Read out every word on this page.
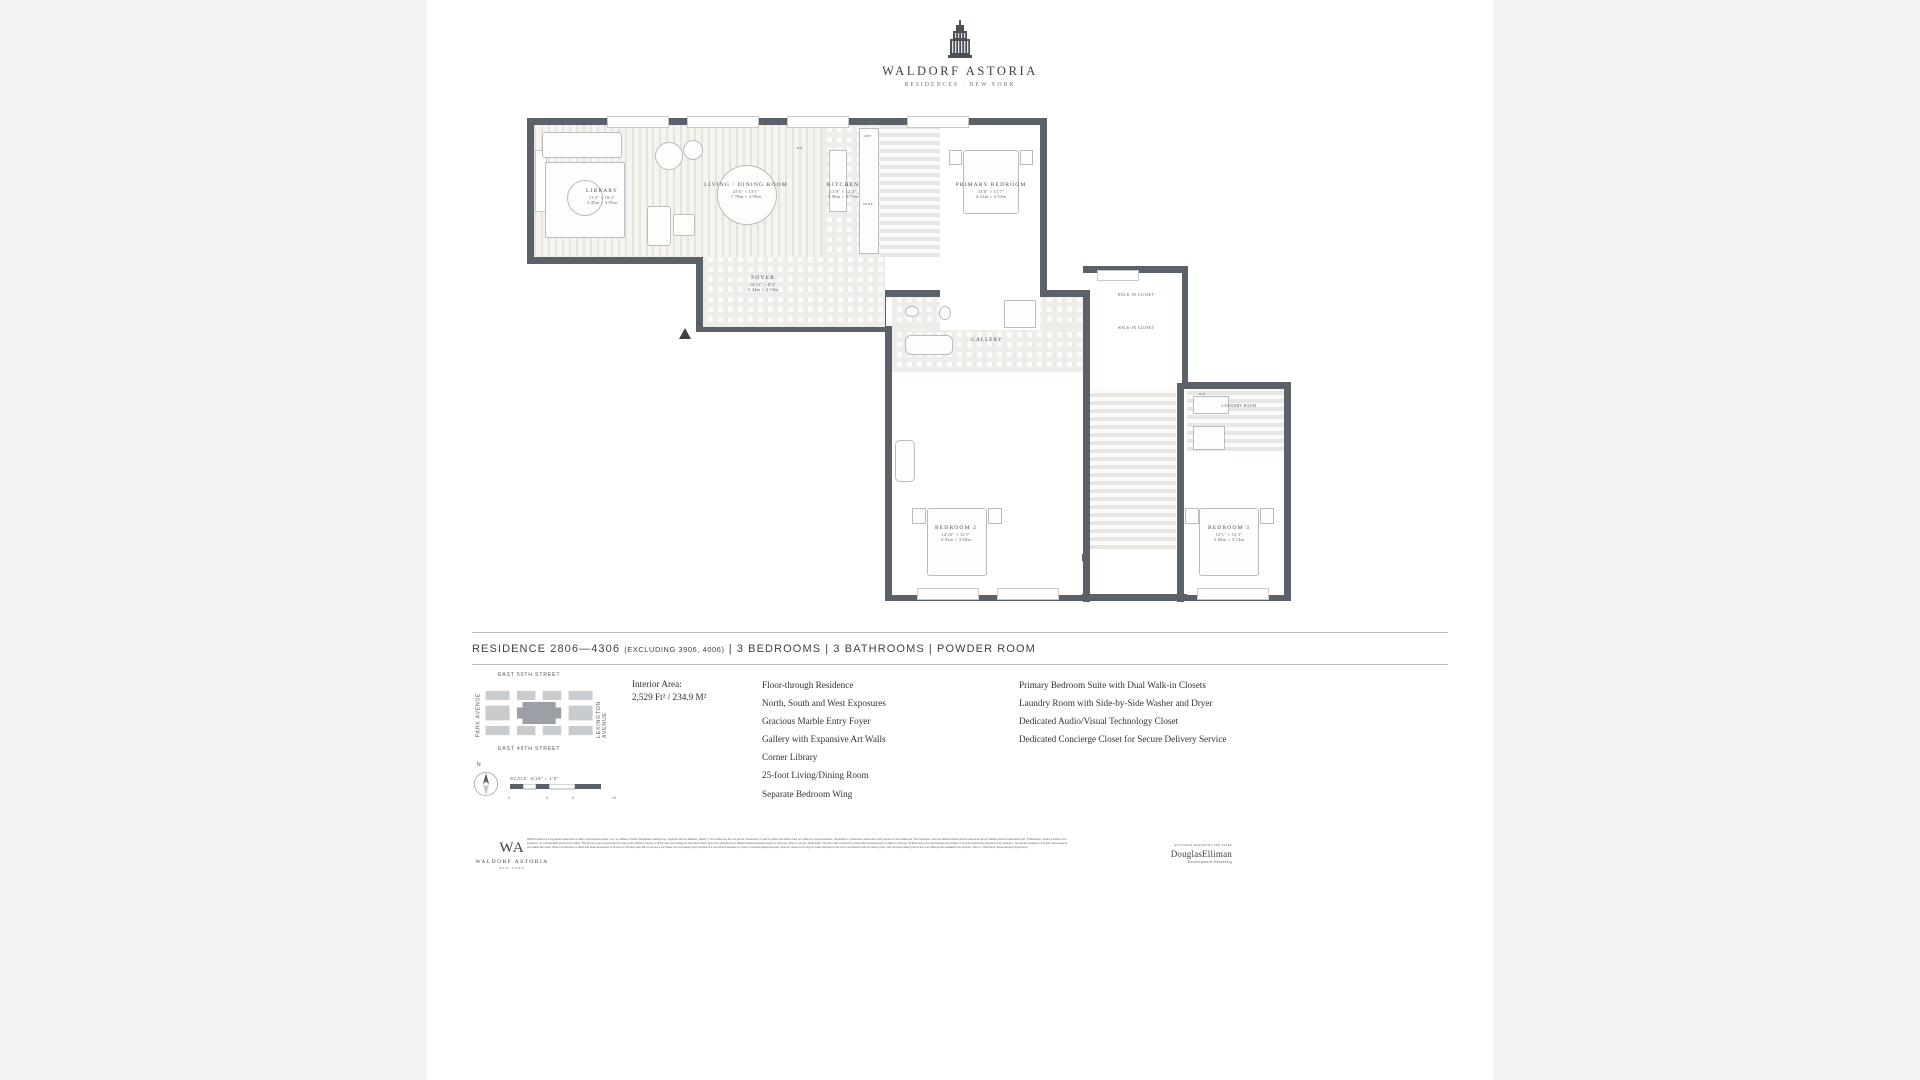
WALDORF ASTORIA
RESIDENCES · NEW YORK
LIBRARY
11'4" × 16'3"
3.45m × 3.95m
LIVING / DINING ROOM
25'6" × 13'1"
7.78m × 3.99m
KITCHEN
13'0" × 12'2"
3.96m × 3.71m
PRIMARY BEDROOM
14'6" × 11'7"
4.41m × 3.53m
FOYER
10'11" × 8'4"
3.34m × 2.53m
BEDROOM 2
12'10" × 12'1"
3.92m × 3.69m
BEDROOM 3
12'1" × 12'3"
3.68m × 3.74m
GALLERY
WALK-IN CLOSET
WALK-IN CLOSET
LAUNDRY ROOM
W/D
REF
DW
WINE
RESIDENCE 2806—4306 (EXCLUDING 3906, 4006) | 3 BEDROOMS | 3 BATHROOMS | POWDER ROOM
EAST 50TH STREET
EAST 49TH STREET
PARK AVENUE	LEXINGTON AVENUE
N
SCALE: 3/16" = 1'0"
0	4	8	16
Interior Area:
2,529 Ft² / 234.9 M²
Floor-through Residence
North, South and West Exposures
Gracious Marble Entry Foyer
Gallery with Expansive Art Walls
Corner Library
25-foot Living/Dining Room
Separate Bedroom Wing
Primary Bedroom Suite with Dual Walk-in Closets
Laundry Room with Side-by-Side Washer and Dryer
Dedicated Audio/Visual Technology Closet
Dedicated Concierge Closet for Secure Delivery Service
WA
WALDORF ASTORIA
NEW YORK
Waldorf Astoria is a registered trademark of Hilton International Hotels, LLC, an affiliate of Hilton Worldwide Holdings Inc. (together with its affiliates, "Hilton"). The residences are not owned, developed, or sold by Hilton and Hilton does not make any representations, warranties or guarantees whatsoever with respect to the residences. The developer uses the Waldorf Astoria brand name and certain Waldorf Astoria trademarks (the "Trademarks") under a limited, non-exclusive, non-transferable license from Hilton. This license may be terminated or may expire without renewal, in which case the residences described herein will not be identified as a Waldorf Astoria branded project or have any rights to use the Trademarks. The floor plan is based on construction drawings and is subject to change. All dimensions are approximate and subject to normal construction tolerance and variances. The square footage on this floor plan exceeds the usable floor area. Where construction is latent and head dimensions or fit-outs on this floor plan will not secure a purchaser from completing the purchase of a unit without alteration in price or recourse against sponsor. Sponsor reserves the right to make changes to the unit in accordance with the offering plan. The complete offering terms are in an offering plan available from sponsor. File no. CD16-0141. Equal Housing Opportunity.
EXCLUSIVE MARKETING AND SALES
DouglasElliman
Development Marketing
